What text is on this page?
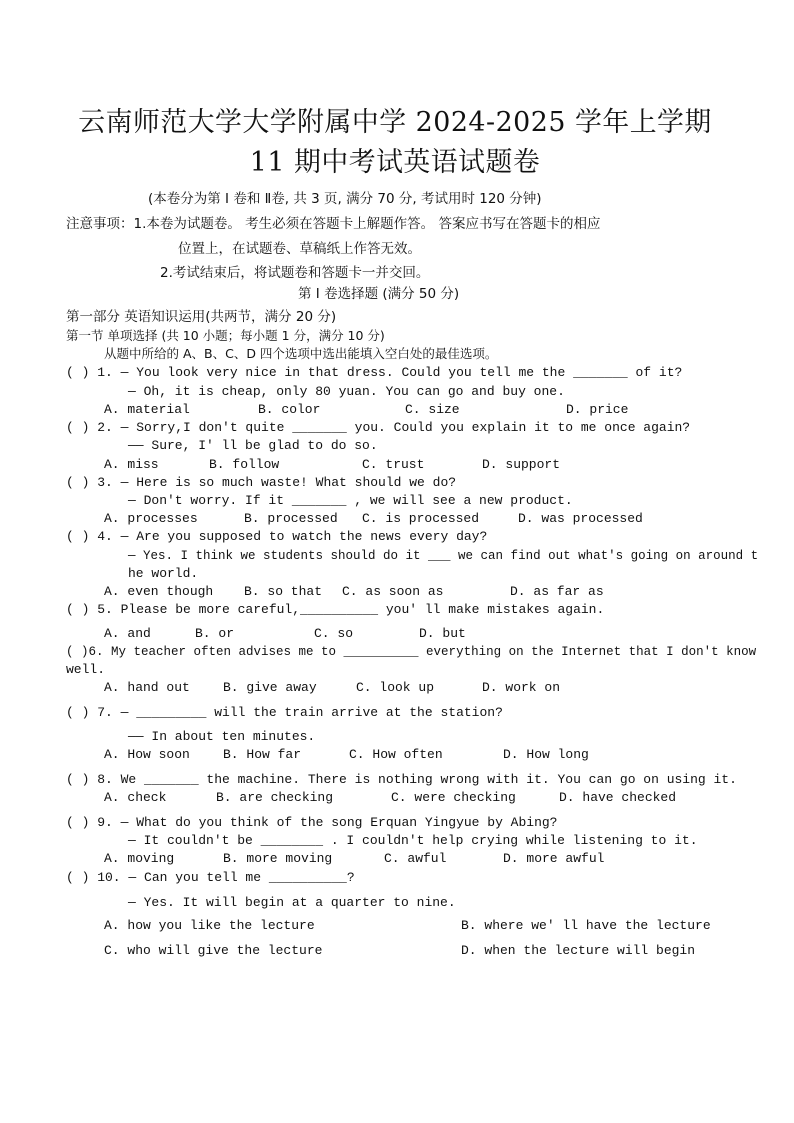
云南师范大学大学附属中学 2024-2025 学年上学期
11 期中考试英语试题卷
(本卷分为第 Ⅰ 卷和 Ⅱ卷, 共 3 页, 满分 70 分, 考试用时 120 分钟)
注意事项：1.本卷为试题卷。 考生必须在答题卡上解题作答。 答案应书写在答题卡的相应
位置上，在试题卷、草稿纸上作答无效。
2.考试结束后，将试题卷和答题卡一并交回。
第 Ⅰ 卷选择题 (满分 50 分)
第一部分 英语知识运用(共两节，满分 20 分)
第一节 单项选择 (共 10 小题；每小题 1 分，满分 10 分)
从题中所给的 A、B、C、D 四个选项中选出能填入空白处的最佳选项。
( ) 1. — You look very nice in that dress. Could you tell me the _______ of it?
— Oh, it is cheap, only 80 yuan. You can go and buy one.
A. material	B. color	C. size	D. price
( ) 2. — Sorry,I don't quite _______ you. Could you explain it to me once again?
—— Sure, I' ll be glad to do so.
A. miss	B. follow	C. trust	D. support
( ) 3. — Here is so much waste! What should we do?
— Don't worry. If it _______ , we will see a new product.
A. processes	B. processed C. is processed	D. was processed
( ) 4. — Are you supposed to watch the news every day?
— Yes. I think we students should do it ___ we can find out what's going on around t
he world.
A. even though B. so that C. as soon as	D. as far as
( ) 5. Please be more careful,__________ you' ll make mistakes again.
A. and	B. or	C. so	D. but
( )6. My teacher often advises me to __________ everything on the Internet that I don't know
well.
A. hand out	B. give away	C. look up	D. work on
( ) 7. — _________ will the train arrive at the station?
—— In about ten minutes.
A. How soon	B. How far	C. How often	D. How long
( ) 8. We _______ the machine. There is nothing wrong with it. You can go on using it.
A. check	B. are checking	C. were checking	D. have checked
( ) 9. — What do you think of the song Erquan Yingyue by Abing?
— It couldn't be ________ . I couldn't help crying while listening to it.
A. moving	B. more moving	C. awful	D. more awful
( ) 10. — Can you tell me __________?
— Yes. It will begin at a quarter to nine.
A. how you like the lecture	B. where we' ll have the lecture
C. who will give the lecture	D. when the lecture will begin
